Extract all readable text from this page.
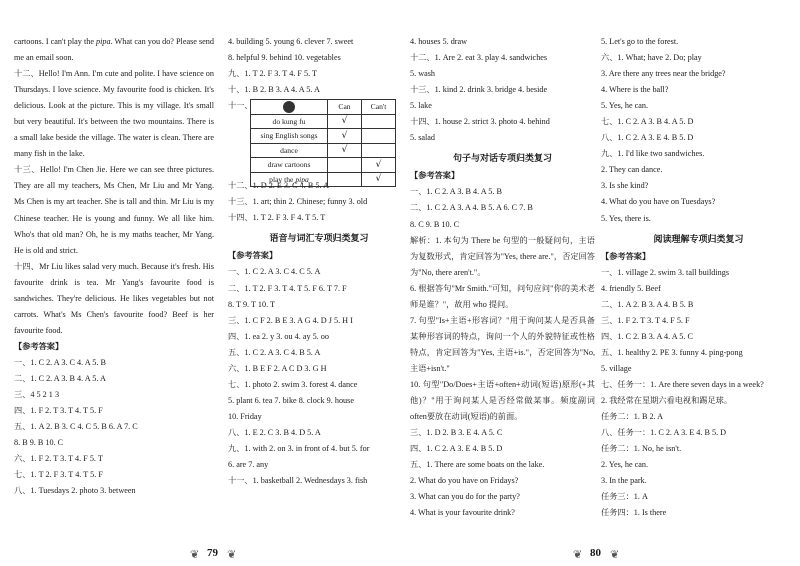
cartoons. I can't play the pipa. What can you do? Please send me an email soon.

十二、Hello! I'm Ann. I'm cute and polite. I have science on Thursdays. I love science. My favourite food is chicken. It's delicious. Look at the picture. This is my village. It's small but very beautiful. It's between the two mountains. There is a small lake beside the village. The water is clean. There are many fish in the lake.

十三、Hello! I'm Chen Jie. Here we can see three pictures. They are all my teachers, Ms Chen, Mr Liu and Mr Yang. Ms Chen is my art teacher. She is tall and thin. Mr Liu is my Chinese teacher. He is young and funny. We all like him. Who's that old man? Oh, he is my maths teacher, Mr Yang. He is old and strict.

十四、Mr Liu likes salad very much. Because it's fresh. His favourite drink is tea. Mr Yang's favourite food is sandwiches. They're delicious. He likes vegetables but not carrots. What's Ms Chen's favourite food? Beef is her favourite food.

【参考答案】

一、1. C 2. A 3. C 4. A 5. B

二、1. C 2. A 3. B 4. A 5. A

三、4 5 2 1 3

四、1. F 2. T 3. T 4. T 5. F

五、1. A 2. B 3. C 4. C 5. B 6. A 7. C

8. B 9. B 10. C

六、1. F 2. T 3. T 4. F 5. T

七、1. T 2. F 3. T 4. T 5. F

八、1. Tuesdays 2. photo 3. between

4. building 5. young 6. clever 7. sweet

8. helpful 9. behind 10. vegetables

九、1. T 2. F 3. T 4. F 5. T

十、1. B 2. B 3. A 4. A 5. A

十一、

十二、1. D 2. E 3. C 4. B 5. A

十三、1. art; thin 2. Chinese; funny 3. old

十四、1. T 2. F 3. F 4. T 5. T

语音与词汇专项归类复习

【参考答案】

一、1. C 2. A 3. C 4. C 5. A

二、1. T 2. F 3. T 4. T 5. F 6. T 7. F

8. T 9. T 10. T

三、1. C F 2. B E 3. A G 4. D J 5. H I

四、1. ea 2. y 3. ou 4. ay 5. oo

五、1. C 2. A 3. C 4. B 5. A

六、1. B E F 2. A C D 3. G H

七、1. photo 2. swim 3. forest 4. dance

5. plant 6. tea 7. bike 8. clock 9. house

10. Friday

八、1. E 2. C 3. B 4. D 5. A

九、1. with 2. on 3. in front of 4. but 5. for

6. are 7. any

十一、1. basketball 2. Wednesdays 3. fish

	Can	Can't
do kung fu	√	
sing English songs	√	
dance	√	
draw cartoons		√
play the pipa		√

4. houses 5. draw

十二、1. Are 2. eat 3. play 4. sandwiches

5. wash

十三、1. kind 2. drink 3. bridge 4. beside

5. lake

十四、1. house 2. strict 3. photo 4. behind

5. salad

句子与对话专项归类复习

【参考答案】

一、1. C 2. A 3. B 4. A 5. B

二、1. C 2. A 3. A 4. B 5. A 6. C 7. B

8. C 9. B 10. C

解析：1. 本句为 There be 句型的一般疑问句，主语为复数形式，肯定回答为"Yes, there are."，否定回答为"No, there aren't."。

6. 根据答句"Mr Smith."可知，问句应问"你的美术老师是谁？"，故用 who 提问。

7. 句型"Is+主语+形容词？"用于询问某人是否具备某种形容词的特点，询问一个人的外貌特征或性格特点，肯定回答为"Yes, 主语+is."，否定回答为"No, 主语+isn't."

10. 句型"Do/Does+主语+often+动词(短语)原形(+其他)？"用于询问某人是否经常做某事。频度副词often要放在动词(短语)的前面。

三、1. D 2. B 3. E 4. A 5. C

四、1. C 2. A 3. E 4. B 5. D

五、1. There are some boats on the lake.

2. What do you have on Fridays?

3. What can you do for the party?

4. What is your favourite drink?

5. Let's go to the forest.

六、1. What; have 2. Do; play

3. Are there any trees near the bridge?

4. Where is the ball?

5. Yes, he can.

七、1. C 2. A 3. B 4. A 5. D

八、1. C 2. A 3. E 4. B 5. D

九、1. I'd like two sandwiches.

2. They can dance.

3. Is she kind?

4. What do you have on Tuesdays?

5. Yes, there is.

阅读理解专项归类复习

【参考答案】

一、1. village 2. swim 3. tall buildings

4. friendly 5. Beef

二、1. A 2. B 3. A 4. B 5. B

三、1. F 2. T 3. T 4. F 5. F

四、1. C 2. B 3. A 4. A 5. C

五、1. healthy 2. PE 3. funny 4. ping-pong

5. village

七、任务一：1. Are there seven days in a week?

2. 我经常在星期六看电视和踢足球。

任务二：1. B 2. A

八、任务一：1. C 2. A 3. E 4. B 5. D

任务二：1. No, he isn't.

2. Yes, he can.

3. In the park.

任务三：1. A

任务四：1. Is there

❦ 79 ❦	❦ 80 ❦
